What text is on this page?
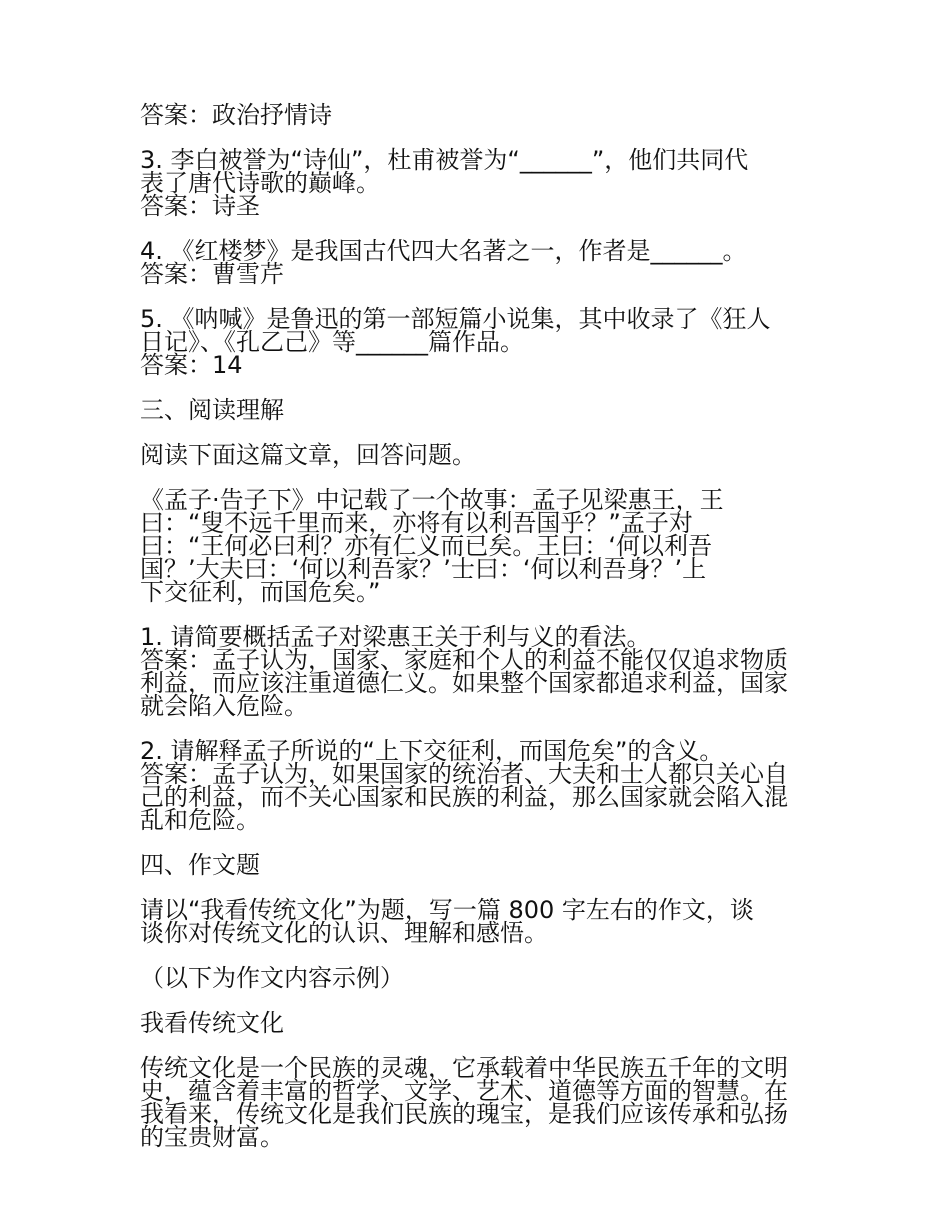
答案：政治抒情诗

3. 李白被誉为“诗仙”，杜甫被誉为“______”，他们共同代
表了唐代诗歌的巅峰。
答案：诗圣

4. 《红楼梦》是我国古代四大名著之一，作者是______。
答案：曹雪芹

5. 《呐喊》是鲁迅的第一部短篇小说集，其中收录了《狂人
日记》、《孔乙己》等______篇作品。
答案：14

三、阅读理解

阅读下面这篇文章，回答问题。

《孟子·告子下》中记载了一个故事：孟子见梁惠王，王
曰：“叟不远千里而来，亦将有以利吾国乎？”孟子对
曰：“王何必曰利？亦有仁义而已矣。王曰：‘何以利吾
国？’大夫曰：‘何以利吾家？’士曰：‘何以利吾身？’上
下交征利，而国危矣。”

1. 请简要概括孟子对梁惠王关于利与义的看法。
答案：孟子认为，国家、家庭和个人的利益不能仅仅追求物质
利益，而应该注重道德仁义。如果整个国家都追求利益，国家
就会陷入危险。

2. 请解释孟子所说的“上下交征利，而国危矣”的含义。
答案：孟子认为，如果国家的统治者、大夫和士人都只关心自
己的利益，而不关心国家和民族的利益，那么国家就会陷入混
乱和危险。

四、作文题

请以“我看传统文化”为题，写一篇 800 字左右的作文，谈
谈你对传统文化的认识、理解和感悟。

（以下为作文内容示例）

我看传统文化

传统文化是一个民族的灵魂，它承载着中华民族五千年的文明
史，蕴含着丰富的哲学、文学、艺术、道德等方面的智慧。在
我看来，传统文化是我们民族的瑰宝，是我们应该传承和弘扬
的宝贵财富。
